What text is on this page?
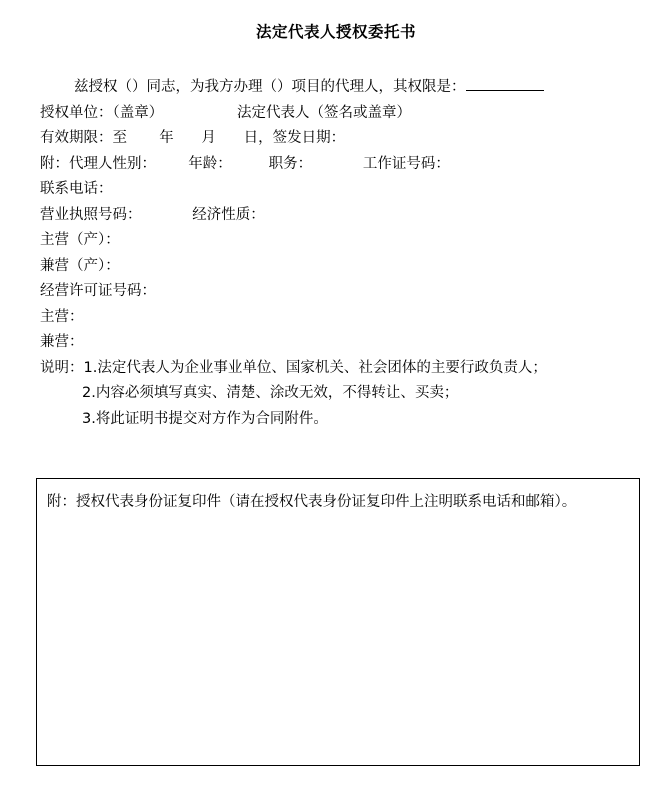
法定代表人授权委托书
兹授权（）同志，为我方办理（）项目的代理人，其权限是：
授权单位：（盖章）                法定代表人（签名或盖章）
有效期限：至       年      月      日，签发日期：
附：代理人性别：       年龄：        职务：           工作证号码：
联系电话：
营业执照号码：           经济性质：
主营（产）：
兼营（产）：
经营许可证号码：
主营：
兼营：
说明：1.法定代表人为企业事业单位、国家机关、社会团体的主要行政负责人；
2.内容必须填写真实、清楚、涂改无效，不得转让、买卖；
3.将此证明书提交对方作为合同附件。
附：授权代表身份证复印件（请在授权代表身份证复印件上注明联系电话和邮箱）。
